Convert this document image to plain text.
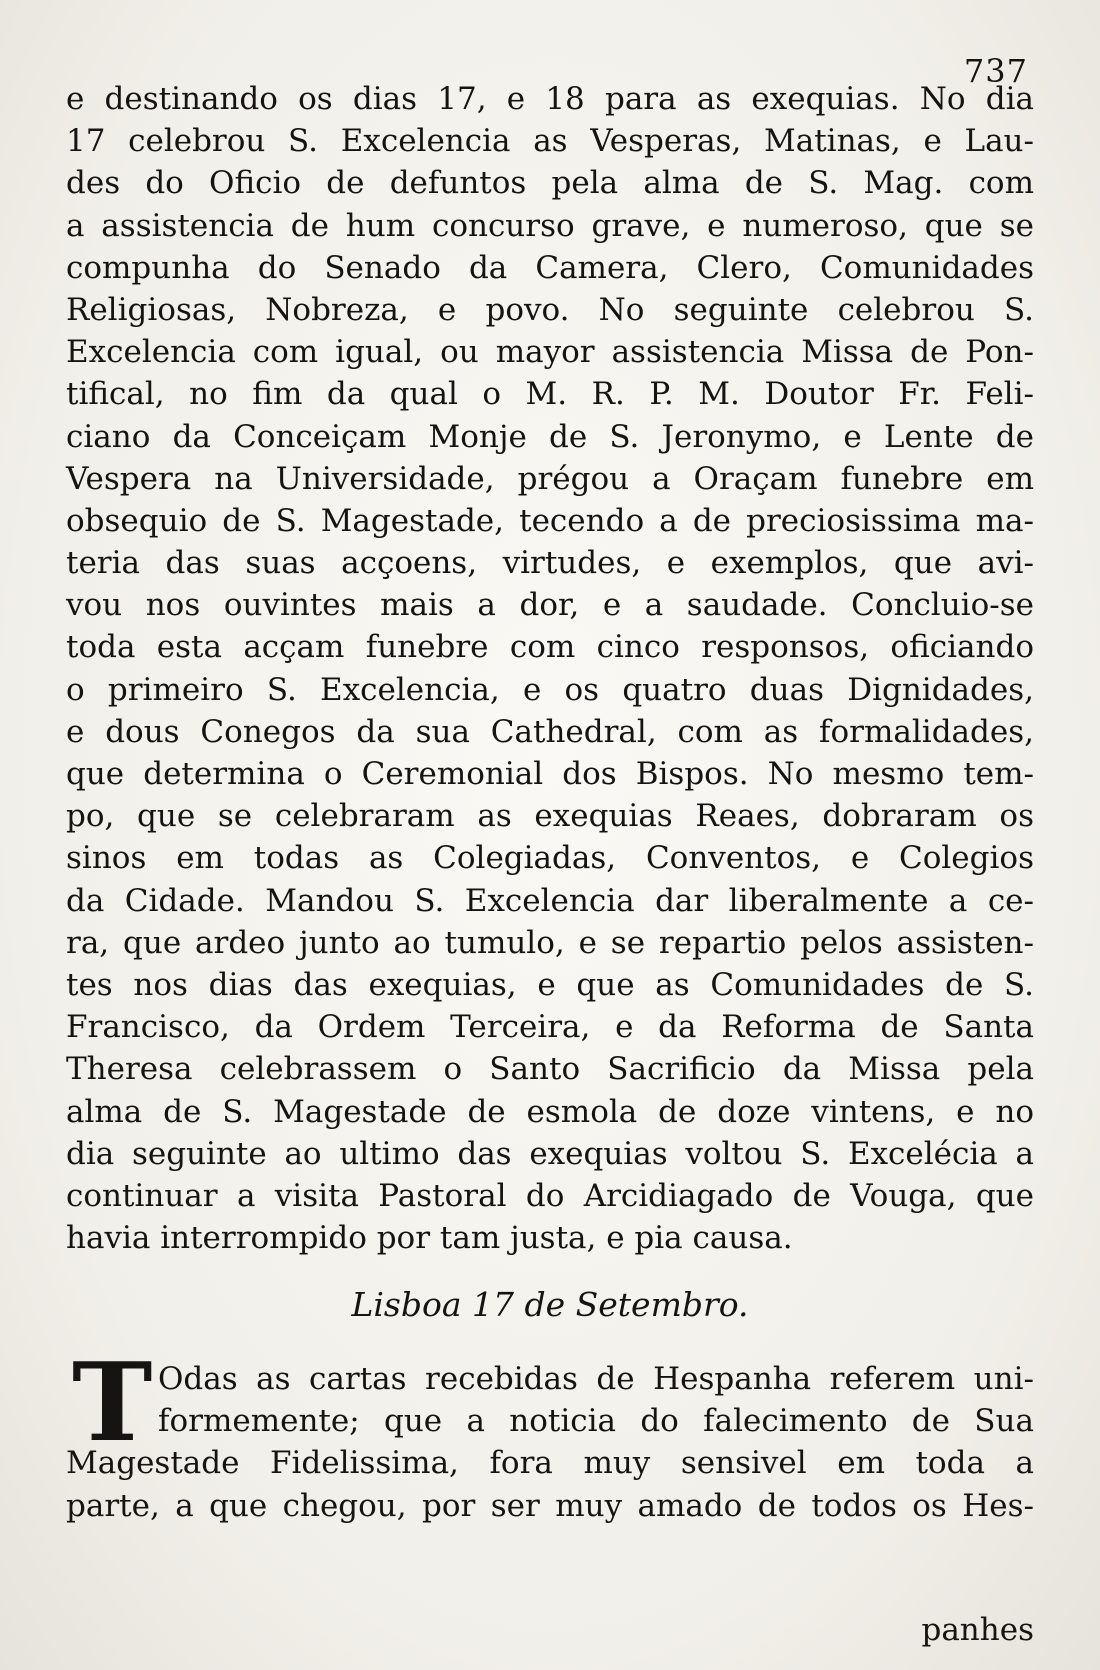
737
e destinando os dias 17, e 18 para as exequias. No dia
17 celebrou S. Excelencia as Vesperas, Matinas, e Lau-
des do Oficio de defuntos pela alma de S. Mag. com
a assistencia de hum concurso grave, e numeroso, que se
compunha do Senado da Camera, Clero, Comunidades
Religiosas, Nobreza, e povo. No seguinte celebrou S.
Excelencia com igual, ou mayor assistencia Missa de Pon-
tifical, no fim da qual o M. R. P. M. Doutor Fr. Feli-
ciano da Conceiçam Monje de S. Jeronymo, e Lente de
Vespera na Universidade, prégou a Oraçam funebre em
obsequio de S. Magestade, tecendo a de preciosissima ma-
teria das suas acçoens, virtudes, e exemplos, que avi-
vou nos ouvintes mais a dor, e a saudade. Concluio-se
toda esta acçam funebre com cinco responsos, oficiando
o primeiro S. Excelencia, e os quatro duas Dignidades,
e dous Conegos da sua Cathedral, com as formalidades,
que determina o Ceremonial dos Bispos. No mesmo tem-
po, que se celebraram as exequias Reaes, dobraram os
sinos em todas as Colegiadas, Conventos, e Colegios
da Cidade. Mandou S. Excelencia dar liberalmente a ce-
ra, que ardeo junto ao tumulo, e se repartio pelos assisten-
tes nos dias das exequias, e que as Comunidades de S.
Francisco, da Ordem Terceira, e da Reforma de Santa
Theresa celebrassem o Santo Sacrificio da Missa pela
alma de S. Magestade de esmola de doze vintens, e no
dia seguinte ao ultimo das exequias voltou S. Excelécia a
continuar a visita Pastoral do Arcidiagado de Vouga, que
havia interrompido por tam justa, e pia causa.
Lisboa 17 de Setembro.
T Odas as cartas recebidas de Hespanha referem uni-
formemente; que a noticia do falecimento de Sua
Magestade Fidelissima, fora muy sensivel em toda a
parte, a que chegou, por ser muy amado de todos os Hes-
panhes
